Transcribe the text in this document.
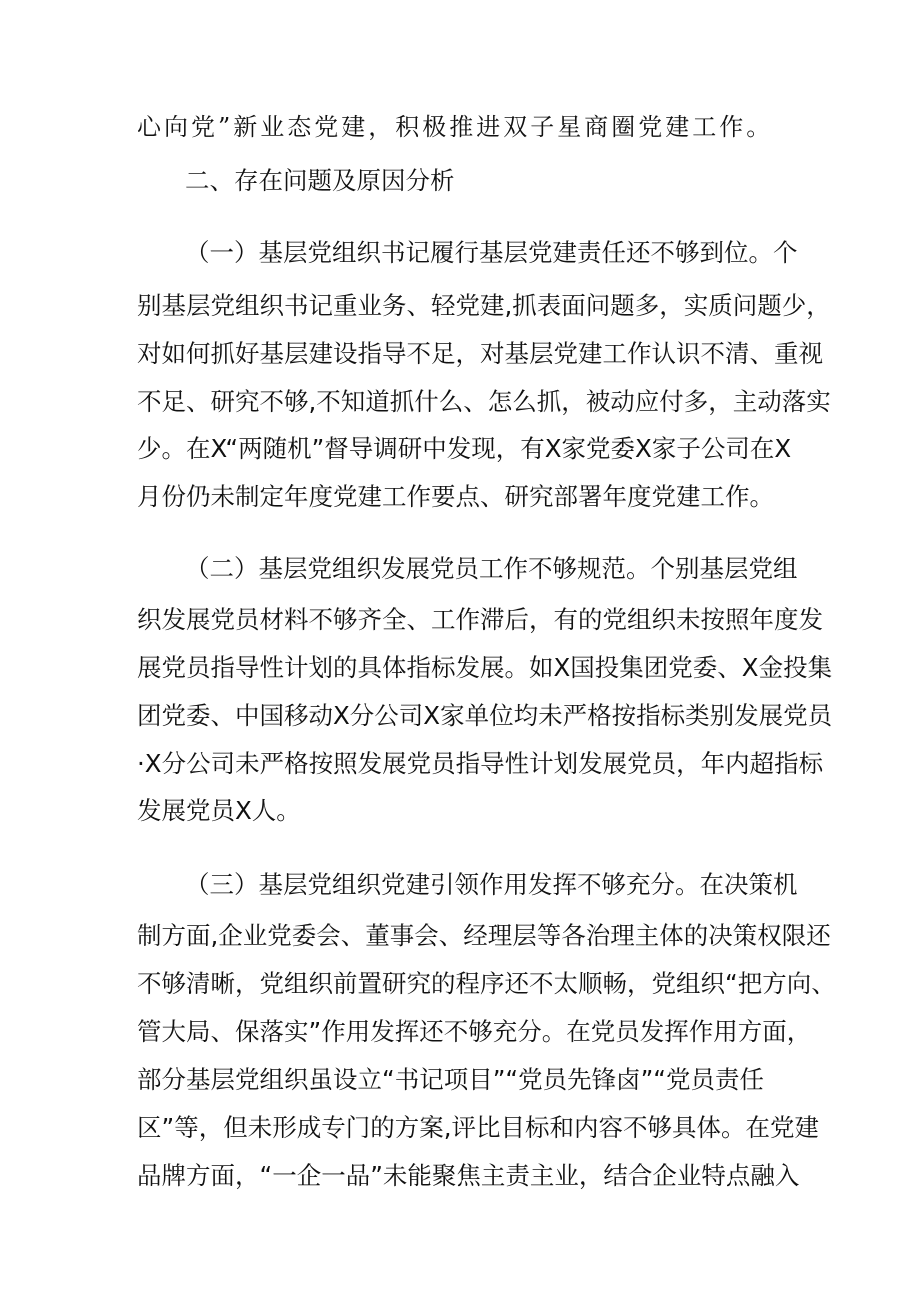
心向党”新业态党建，积极推进双子星商圈党建工作。
二、存在问题及原因分析
（一）基层党组织书记履行基层党建责任还不够到位。个
别基层党组织书记重业务、轻党建,抓表面问题多，实质问题少，
对如何抓好基层建设指导不足，对基层党建工作认识不清、重视
不足、研究不够,不知道抓什么、怎么抓，被动应付多，主动落实
少。在X“两随机”督导调研中发现，有X家党委X家子公司在X
月份仍未制定年度党建工作要点、研究部署年度党建工作。
（二）基层党组织发展党员工作不够规范。个别基层党组
织发展党员材料不够齐全、工作滞后，有的党组织未按照年度发
展党员指导性计划的具体指标发展。如X国投集团党委、X金投集
团党委、中国移动X分公司X家单位均未严格按指标类别发展党员
·X分公司未严格按照发展党员指导性计划发展党员，年内超指标
发展党员X人。
（三）基层党组织党建引领作用发挥不够充分。在决策机
制方面,企业党委会、董事会、经理层等各治理主体的决策权限还
不够清晰，党组织前置研究的程序还不太顺畅，党组织“把方向、
管大局、保落实”作用发挥还不够充分。在党员发挥作用方面，
部分基层党组织虽设立“书记项目”“党员先锋卤”“党员责任
区”等，但未形成专门的方案,评比目标和内容不够具体。在党建
品牌方面，“一企一品”未能聚焦主责主业，结合企业特点融入
